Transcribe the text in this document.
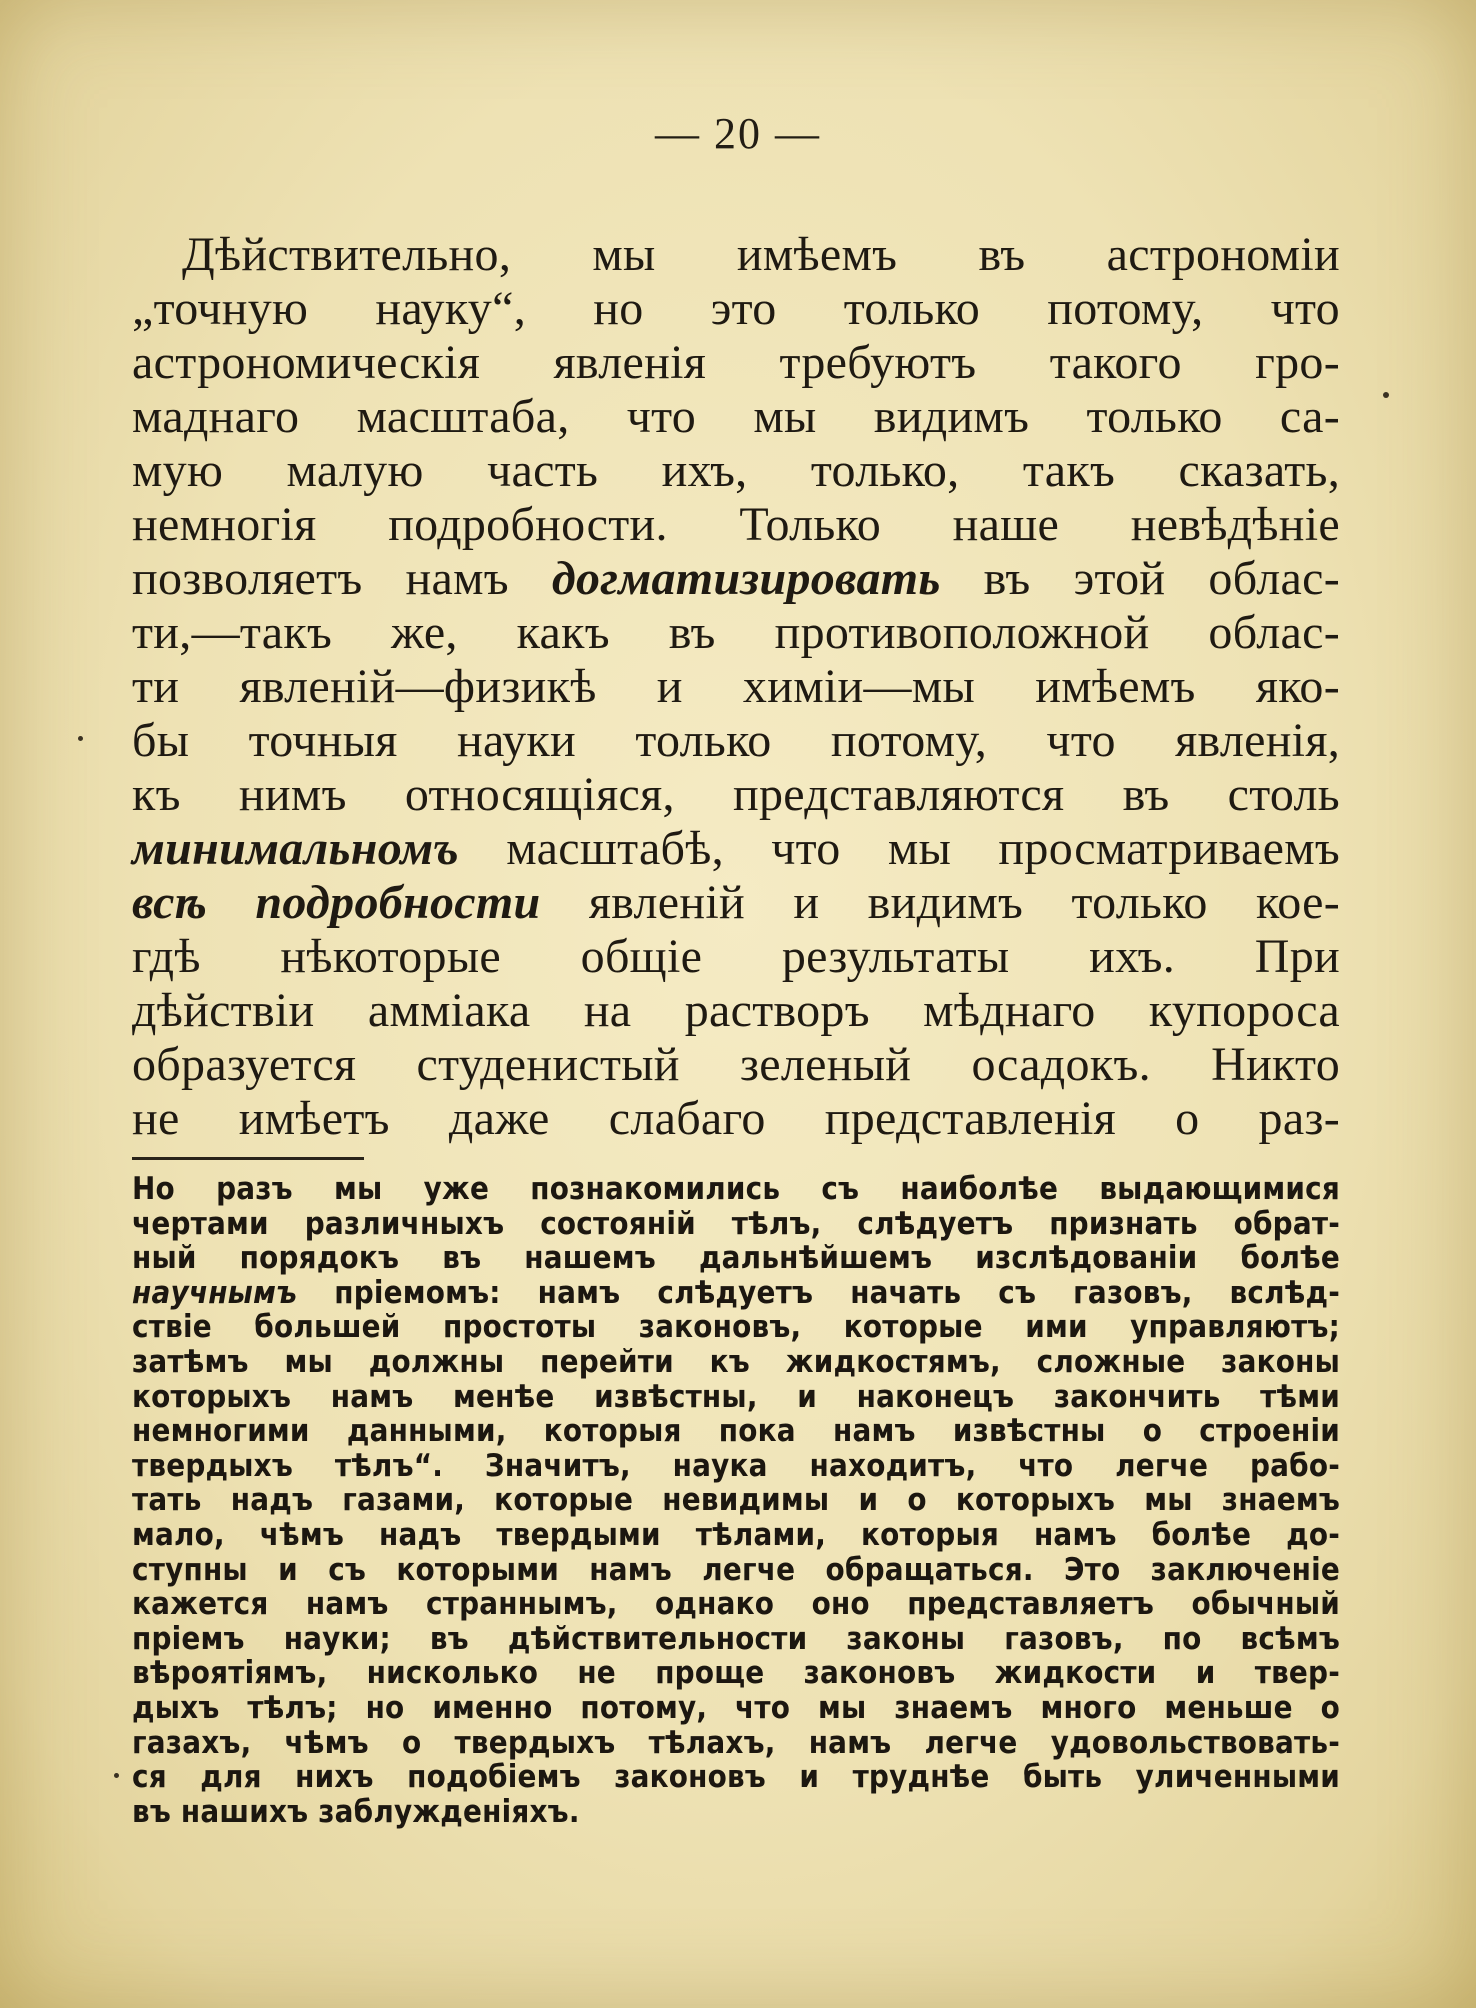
— 20 —
Дѣйствительно, мы имѣемъ въ астрономіи
„точную науку“, но это только потому, что
астрономическія явленія требуютъ такого гро-
маднаго масштаба, что мы видимъ только са-
мую малую часть ихъ, только, такъ сказать,
немногія подробности. Только наше невѣдѣніе
позволяетъ намъ догматизировать въ этой облас-
ти,—такъ же, какъ въ противоположной облас-
ти явленій—физикѣ и химіи—мы имѣемъ яко-
бы точныя науки только потому, что явленія,
къ нимъ относящіяся, представляются въ столь
минимальномъ масштабѣ, что мы просматриваемъ
всѣ подробности явленій и видимъ только кое-
гдѣ нѣкоторые общіе результаты ихъ. При
дѣйствіи амміака на растворъ мѣднаго купороса
образуется студенистый зеленый осадокъ. Никто
не имѣетъ даже слабаго представленія о раз-
Но разъ мы уже познакомились съ наиболѣе выдающимися
чертами различныхъ состояній тѣлъ, слѣдуетъ признать обрат-
ный порядокъ въ нашемъ дальнѣйшемъ изслѣдованіи болѣе
научнымъ пріемомъ: намъ слѣдуетъ начать съ газовъ, вслѣд-
ствіе большей простоты законовъ, которые ими управляютъ;
затѣмъ мы должны перейти къ жидкостямъ, сложные законы
которыхъ намъ менѣе извѣстны, и наконецъ закончить тѣми
немногими данными, которыя пока намъ извѣстны о строеніи
твердыхъ тѣлъ“. Значитъ, наука находитъ, что легче рабо-
тать надъ газами, которые невидимы и о которыхъ мы знаемъ
мало, чѣмъ надъ твердыми тѣлами, которыя намъ болѣе до-
ступны и съ которыми намъ легче обращаться. Это заключеніе
кажется намъ страннымъ, однако оно представляетъ обычный
пріемъ науки; въ дѣйствительности законы газовъ, по всѣмъ
вѣроятіямъ, нисколько не проще законовъ жидкости и твер-
дыхъ тѣлъ; но именно потому, что мы знаемъ много меньше о
газахъ, чѣмъ о твердыхъ тѣлахъ, намъ легче удовольствовать-
ся для нихъ подобіемъ законовъ и труднѣе быть уличенными
въ нашихъ заблужденіяхъ.
